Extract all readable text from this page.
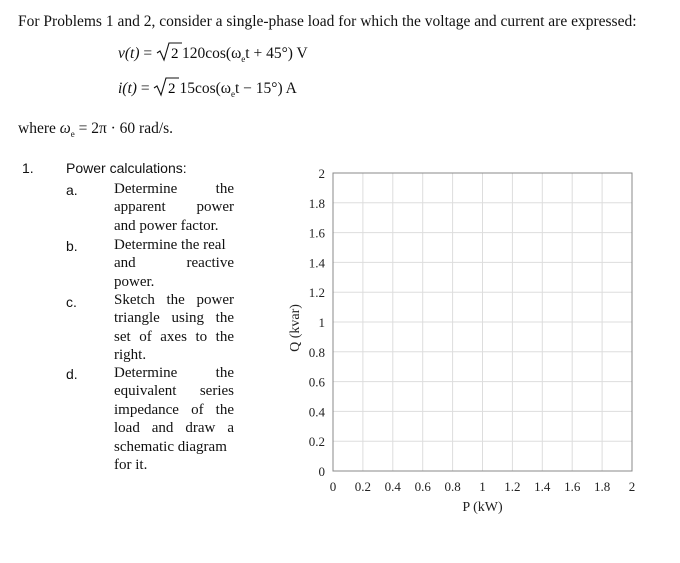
For Problems 1 and 2, consider a single-phase load for which the voltage and current are expressed:
v(t) = 2 $120\cos(\omega_et + 45^\circ)$ V
i(t) = 2 $15\cos(\omega_et - 15^\circ)$ A
where $\omega_e = 2\pi \cdot 60$ rad/s.
1. Power calculations:
a. Determine the
apparent power
and power factor.
b. Determine the real
and reactive
power.
c. Sketch the power
triangle using the
set of axes to the
right.
d. Determine the
equivalent series
impedance of the
load and draw a
schematic diagram
for it.
0 0.2 0.4 0.6 0.8 1 1.2 1.4 1.6 1.8 2
0
0.2
0.4
0.6
0.8
1
1.2
1.4
1.6
1.8
2
P (kW)
Q (kvar)
